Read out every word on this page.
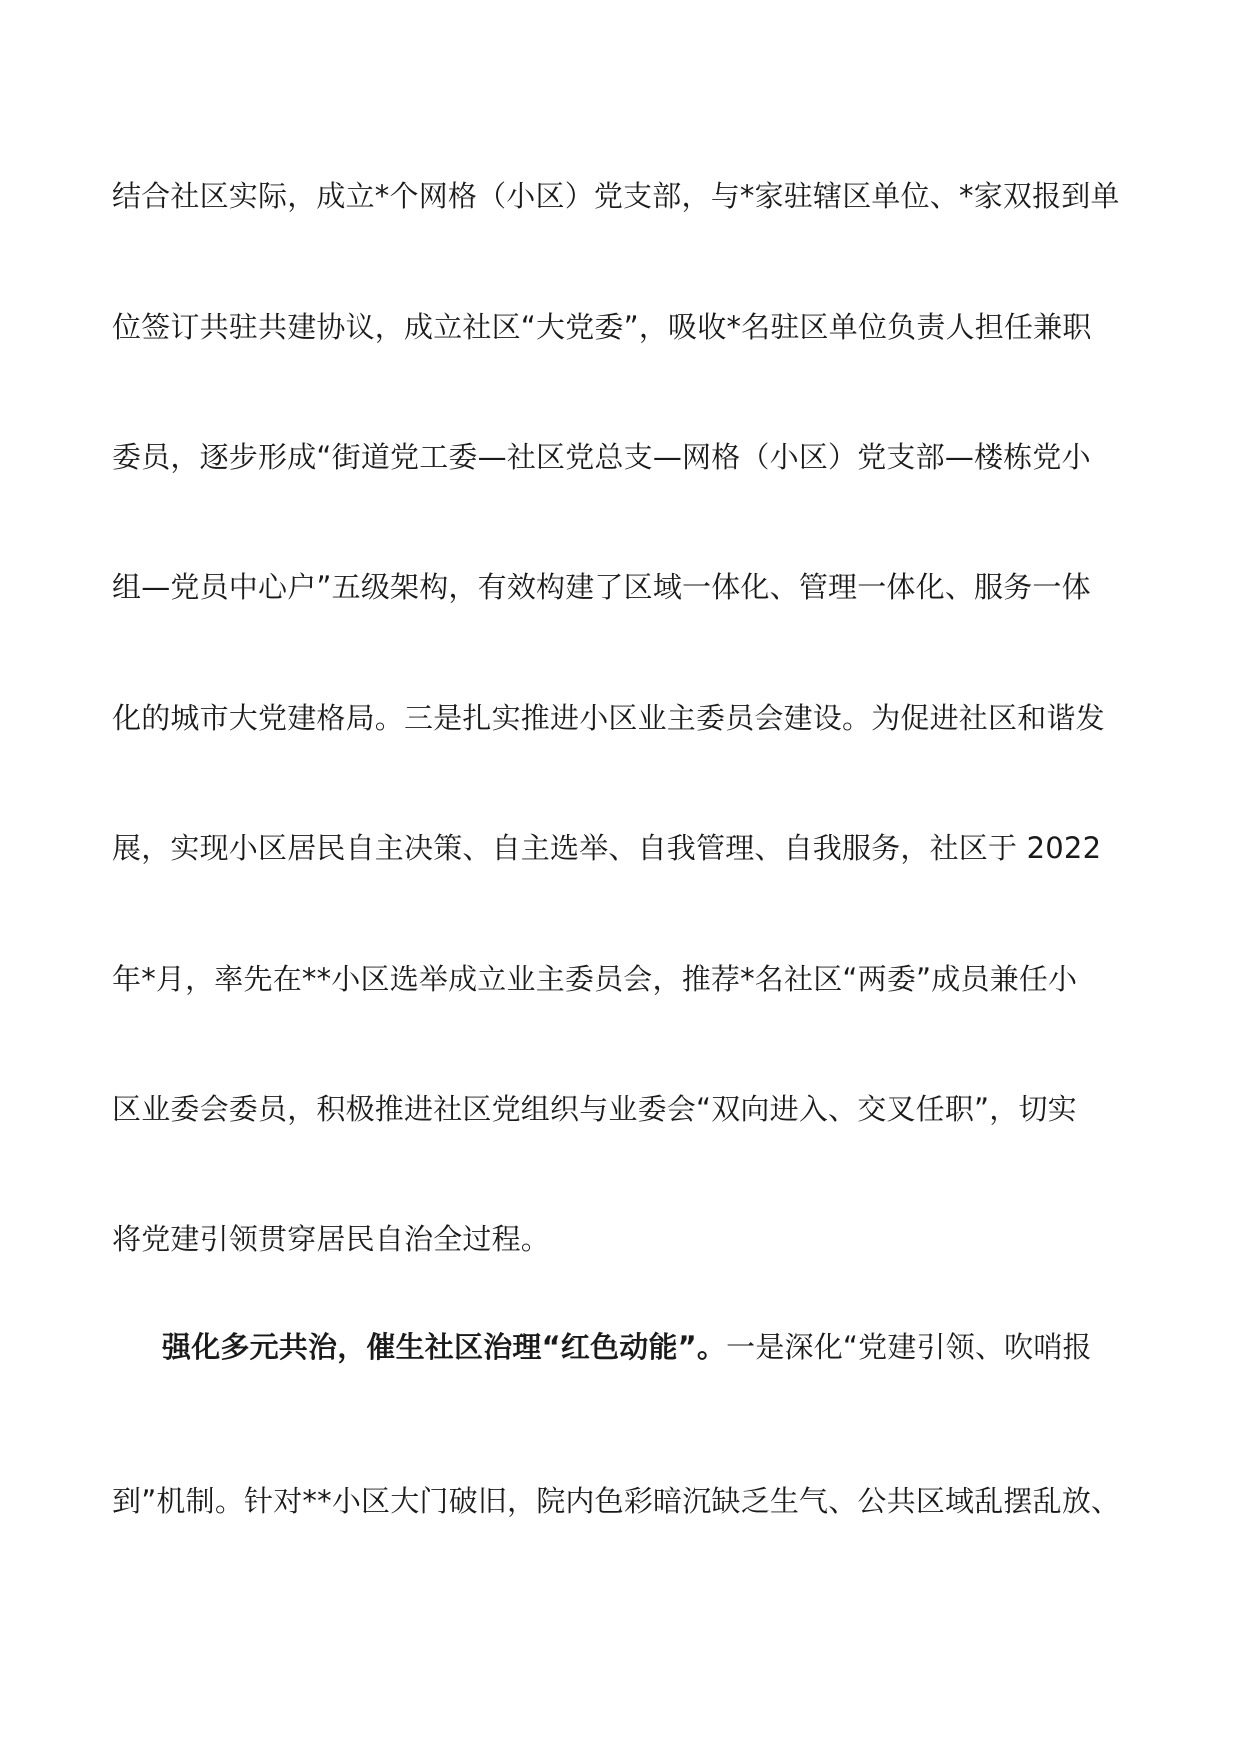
结合社区实际，成立*个网格（小区）党支部，与*家驻辖区单位、*家双报到单
位签订共驻共建协议，成立社区“大党委”，吸收*名驻区单位负责人担任兼职
委员，逐步形成“街道党工委—社区党总支—网格（小区）党支部—楼栋党小
组—党员中心户”五级架构，有效构建了区域一体化、管理一体化、服务一体
化的城市大党建格局。三是扎实推进小区业主委员会建设。为促进社区和谐发
展，实现小区居民自主决策、自主选举、自我管理、自我服务，社区于 2022
年*月，率先在**小区选举成立业主委员会，推荐*名社区“两委”成员兼任小
区业委会委员，积极推进社区党组织与业委会“双向进入、交叉任职”，切实
将党建引领贯穿居民自治全过程。
强化多元共治，催生社区治理“红色动能”。一是深化“党建引领、吹哨报
到”机制。针对**小区大门破旧，院内色彩暗沉缺乏生气、公共区域乱摆乱放、
